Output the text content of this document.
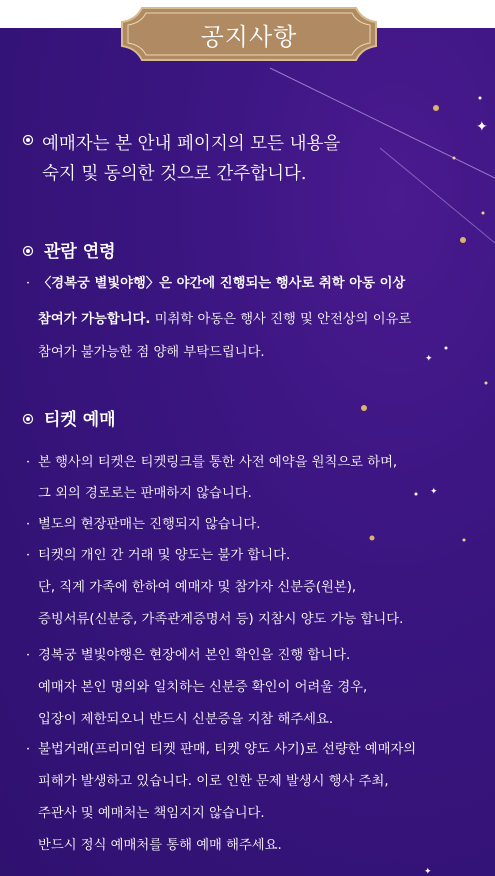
✦
✦
✦
✦
공지사항
예매자는 본 안내 페이지의 모든 내용을
숙지 및 동의한 것으로 간주합니다.
관람 연령
· 〈경복궁 별빛야행〉은 야간에 진행되는 행사로 취학 아동 이상
참여가 가능합니다. 미취학 아동은 행사 진행 및 안전상의 이유로
참여가 불가능한 점 양해 부탁드립니다.
티켓 예매
· 본 행사의 티켓은 티켓링크를 통한 사전 예약을 원칙으로 하며,
그 외의 경로로는 판매하지 않습니다.
· 별도의 현장판매는 진행되지 않습니다.
· 티켓의 개인 간 거래 및 양도는 불가 합니다.
단, 직계 가족에 한하여 예매자 및 참가자 신분증(원본),
증빙서류(신분증, 가족관계증명서 등) 지참시 양도 가능 합니다.
· 경복궁 별빛야행은 현장에서 본인 확인을 진행 합니다.
예매자 본인 명의와 일치하는 신분증 확인이 어려울 경우,
입장이 제한되오니 반드시 신분증을 지참 해주세요.
· 불법거래(프리미엄 티켓 판매, 티켓 양도 사기)로 선량한 예매자의
피해가 발생하고 있습니다. 이로 인한 문제 발생시 행사 주최,
주관사 및 예매처는 책임지지 않습니다.
반드시 정식 예매처를 통해 예매 해주세요.
